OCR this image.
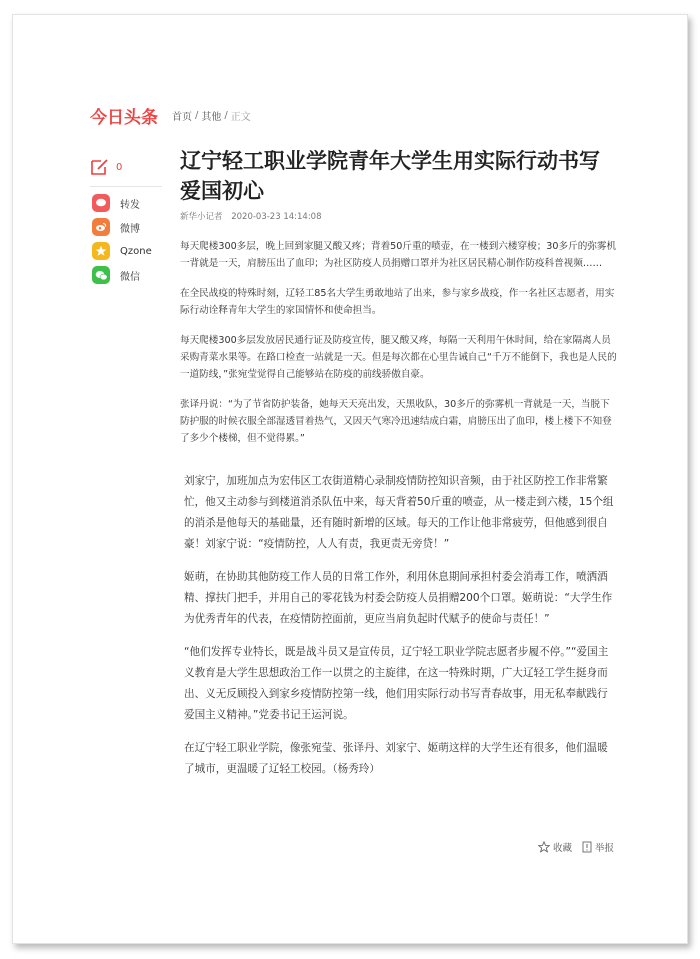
今日头条 首页 / 其他 / 正文
0
转发
微博
Qzone
微信
辽宁轻工职业学院青年大学生用实际行动书写爱国初心
新华小记者 2020-03-23 14:14:08

每天爬楼300多层，晚上回到家腿又酸又疼；背着50斤重的喷壶，在一楼到六楼穿梭；30多斤的弥雾机一背就是一天，肩膀压出了血印；为社区防疫人员捐赠口罩并为社区居民精心制作防疫科普视频……

在全民战疫的特殊时刻，辽轻工85名大学生勇敢地站了出来，参与家乡战疫，作一名社区志愿者，用实际行动诠释青年大学生的家国情怀和使命担当。

每天爬楼300多层发放居民通行证及防疫宣传，腿又酸又疼，每隔一天利用午休时间，给在家隔离人员采购青菜水果等。在路口检查一站就是一天。但是每次都在心里告诫自己“千万不能倒下，我也是人民的一道防线，”张宛莹觉得自己能够站在防疫的前线骄傲自豪。

张译丹说：“为了节省防护装备，她每天天亮出发，天黑收队，30多斤的弥雾机一背就是一天，当脱下防护服的时候衣服全部湿透冒着热气，又因天气寒冷迅速结成白霜，肩膀压出了血印，楼上楼下不知登了多少个楼梯，但不觉得累。”

刘家宁，加班加点为宏伟区工农街道精心录制疫情防控知识音频，由于社区防控工作非常繁忙，他又主动参与到楼道消杀队伍中来，每天背着50斤重的喷壶，从一楼走到六楼，15个组的消杀是他每天的基础量，还有随时新增的区域。每天的工作让他非常疲劳，但他感到很自豪！刘家宁说：“疫情防控，人人有责，我更责无旁贷！”

姬萌，在协助其他防疫工作人员的日常工作外，利用休息期间承担村委会消毒工作，喷洒酒精、撑扶门把手，并用自己的零花钱为村委会防疫人员捐赠200个口罩。姬萌说：“大学生作为优秀青年的代表，在疫情防控面前，更应当肩负起时代赋予的使命与责任！”

“他们发挥专业特长，既是战斗员又是宣传员，辽宁轻工职业学院志愿者步履不停。”“爱国主义教育是大学生思想政治工作一以贯之的主旋律，在这一特殊时期，广大辽轻工学生挺身而出、义无反顾投入到家乡疫情防控第一线，他们用实际行动书写青春故事，用无私奉献践行爱国主义精神。”党委书记王运河说。

在辽宁轻工职业学院，像张宛莹、张译丹、刘家宁、姬萌这样的大学生还有很多，他们温暖了城市，更温暖了辽轻工校园。（杨秀玲）

收藏 举报
